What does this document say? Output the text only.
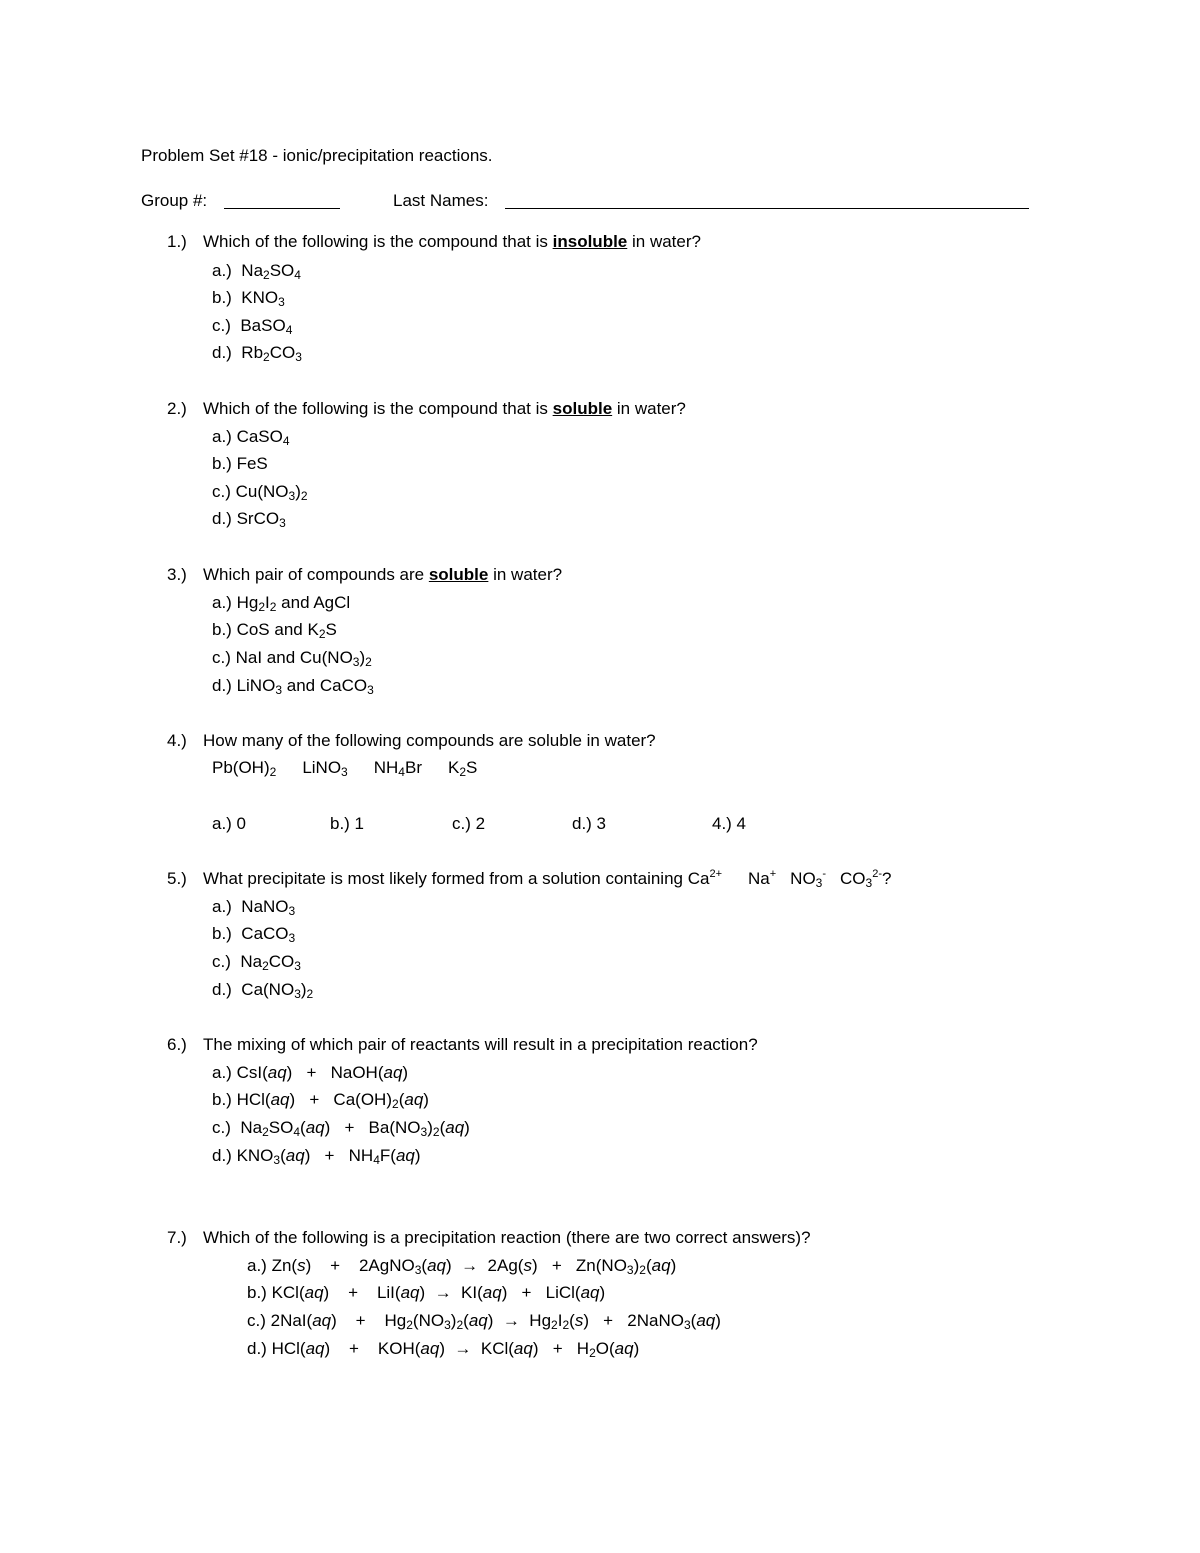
Problem Set #18 - ionic/precipitation reactions.
Group #:	Last Names:
1.) Which of the following is the compound that is insoluble in water?
a.)  $Na_2SO_4$
b.)  $KNO_3$
c.)  BaSO$_4$
d.)  $Rb_2CO_3$
2.) Which of the following is the compound that is soluble in water?
a.) CaSO$_4$
b.) FeS
c.) $Cu(NO_3)_2$
d.) SrCO$_3$
3.) Which pair of compounds are soluble in water?
a.) $Hg_2I_2$ and AgCl
b.) CoS and $K_2S$
c.) NaI and $Cu(NO_3)_2$
d.) LiNO$_3$ and CaCO$_3$
4.) How many of the following compounds are soluble in water?
$Pb(OH)_2$ LiNO$_3$ $NH_4Br$ $K_2S$
a.) 0	b.) 1	c.) 2	d.) 3	4.) 4
5.) What precipitate is most likely formed from a solution containing $Ca^{2+}$ Na+ $NO_3^-$ $CO_3^{2-}$?
a.)  NaNO$_3$
b.)  CaCO$_3$
c.)  $Na_2CO_3$
d.)  $Ca(NO_3)_2$
6.) The mixing of which pair of reactants will result in a precipitation reaction?
a.) CsI(aq)   +   NaOH(aq)
b.) $HCl(aq) + Ca(OH)_2(aq)$
c.)  $Na_2SO_4(aq) + Ba(NO_3)_2(aq)$
d.) $KNO_3(aq) + NH_4F(aq)$
7.) Which of the following is a precipitation reaction (there are two correct answers)?
a.) Zn(s)    +    2AgNO$_3$(aq)  →  $2Ag(s) + Zn(NO_3)_2(aq)$
b.) KCl(aq)    +    LiI(aq)  →  KI(aq)   +   LiCl(aq)
c.) 2NaI(aq)    +    $Hg_2(NO_3)_2(aq) \to Hg_2I_2(s)$   +   2NaNO$_3$(aq)
d.) HCl(aq)    +    $KOH(aq) \to KCl(aq) + H_2O(aq)$
